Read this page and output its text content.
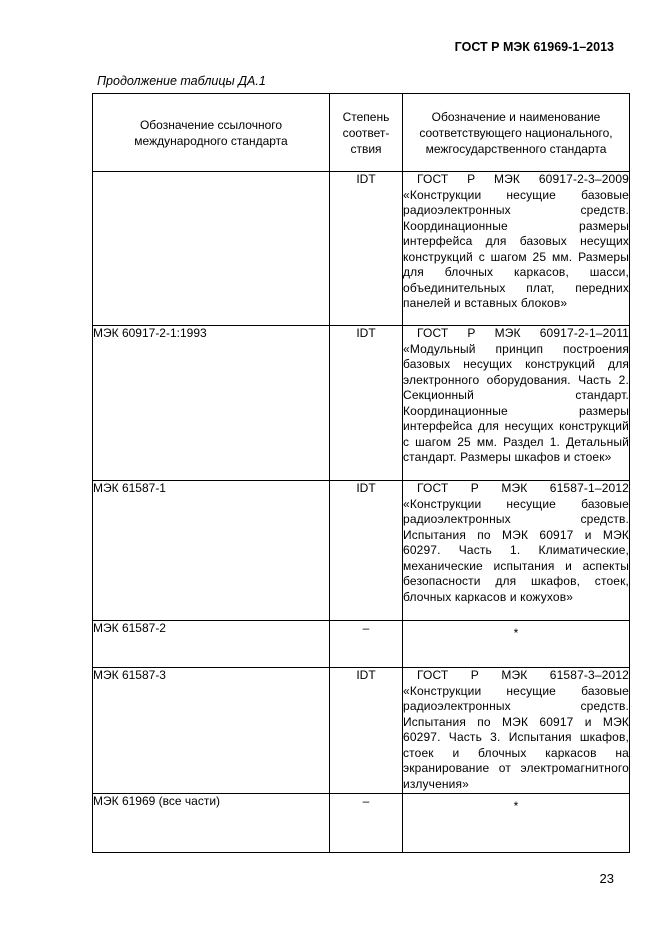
ГОСТ Р МЭК 61969-1–2013
Продолжение таблицы ДА.1
Обозначение ссылочного международного стандарта	Степень соответ-ствия	Обозначение и наименование соответствующего национального, межгосударственного стандарта
	IDT	ГОСТ Р МЭК 60917-2-3–2009 «Конструкции несущие базовые радиоэлектронных средств. Координационные размеры интерфейса для базовых несущих конструкций с шагом 25 мм. Размеры для блочных каркасов, шасси, объединительных плат, передних панелей и вставных блоков»
МЭК 60917-2-1:1993	IDT	ГОСТ Р МЭК 60917-2-1–2011 «Модульный принцип построения базовых несущих конструкций для электронного оборудования. Часть 2. Секционный стандарт. Координационные размеры интерфейса для несущих конструкций с шагом 25 мм. Раздел 1. Детальный стандарт. Размеры шкафов и стоек»
МЭК 61587-1	IDT	ГОСТ Р МЭК 61587-1–2012 «Конструкции несущие базовые радиоэлектронных средств. Испытания по МЭК 60917 и МЭК 60297. Часть 1. Климатические, механические испытания и аспекты безопасности для шкафов, стоек, блочных каркасов и кожухов»
МЭК 61587-2	–	*
МЭК 61587-3	IDT	ГОСТ Р МЭК 61587-3–2012 «Конструкции несущие базовые радиоэлектронных средств. Испытания по МЭК 60917 и МЭК 60297. Часть 3. Испытания шкафов, стоек и блочных каркасов на экранирование от электромагнитного излучения»
МЭК 61969 (все части)	–	*
23
